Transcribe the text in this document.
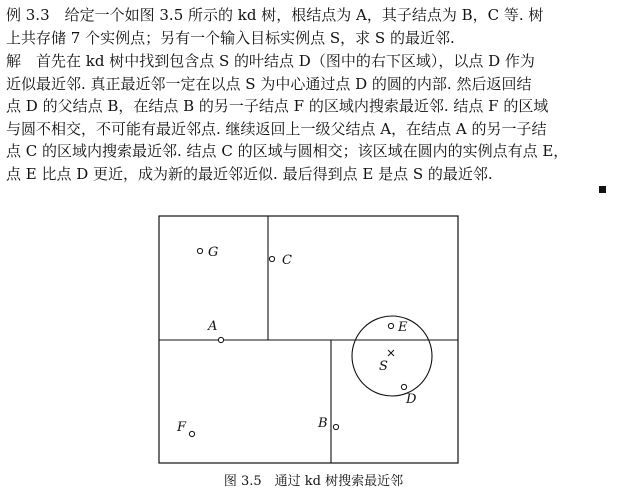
例 3.3　给定一个如图 3.5 所示的 kd 树，根结点为 A，其子结点为 B，C 等. 树
上共存储 7 个实例点；另有一个输入目标实例点 S，求 S 的最近邻.
解　首先在 kd 树中找到包含点 S 的叶结点 D（图中的右下区域），以点 D 作为
近似最近邻. 真正最近邻一定在以点 S 为中心通过点 D 的圆的内部. 然后返回结
点 D 的父结点 B，在结点 B 的另一子结点 F 的区域内搜索最近邻. 结点 F 的区域
与圆不相交，不可能有最近邻点. 继续返回上一级父结点 A，在结点 A 的另一子结
点 C 的区域内搜索最近邻. 结点 C 的区域与圆相交；该区域在圆内的实例点有点 E，
点 E 比点 D 更近，成为新的最近邻近似. 最后得到点 E 是点 S 的最近邻.
G
C
A	E
S
D
B
F
图 3.5　通过 kd 树搜索最近邻
